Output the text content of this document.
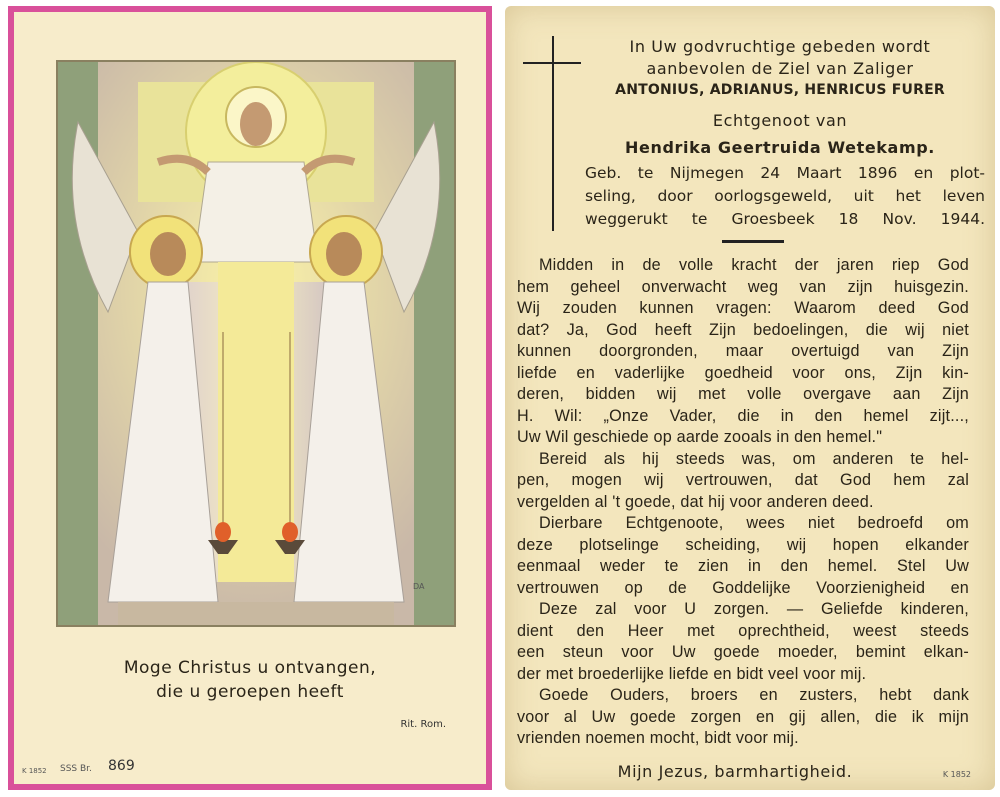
DA
Moge Christus u ontvangen,
die u geroepen heeft
Rit. Rom.
K 1852 SSS Br. 869
In Uw godvruchtige gebeden wordt
aanbevolen de Ziel van Zaliger
ANTONIUS, ADRIANUS, HENRICUS FURER
Echtgenoot van
Hendrika Geertruida Wetekamp.
Geb. te Nijmegen 24 Maart 1896 en plot-
seling, door oorlogsgeweld, uit het leven
weggerukt te Groesbeek 18 Nov. 1944.
Midden in de volle kracht der jaren riep God
hem geheel onverwacht weg van zijn huisgezin.
Wij zouden kunnen vragen: Waarom deed God
dat? Ja, God heeft Zijn bedoelingen, die wij niet
kunnen doorgronden, maar overtuigd van Zijn
liefde en vaderlijke goedheid voor ons, Zijn kin-
deren, bidden wij met volle overgave aan Zijn
H. Wil: „Onze Vader, die in den hemel zijt...,
Uw Wil geschiede op aarde zooals in den hemel."
Bereid als hij steeds was, om anderen te hel-
pen, mogen wij vertrouwen, dat God hem zal
vergelden al 't goede, dat hij voor anderen deed.
Dierbare Echtgenoote, wees niet bedroefd om
deze plotselinge scheiding, wij hopen elkander
eenmaal weder te zien in den hemel. Stel Uw
vertrouwen op de Goddelijke Voorzienigheid en
Deze zal voor U zorgen. — Geliefde kinderen,
dient den Heer met oprechtheid, weest steeds
een steun voor Uw goede moeder, bemint elkan-
der met broederlijke liefde en bidt veel voor mij.
Goede Ouders, broers en zusters, hebt dank
voor al Uw goede zorgen en gij allen, die ik mijn
vrienden noemen mocht, bidt voor mij.
Mijn Jezus, barmhartigheid.	K 1852
